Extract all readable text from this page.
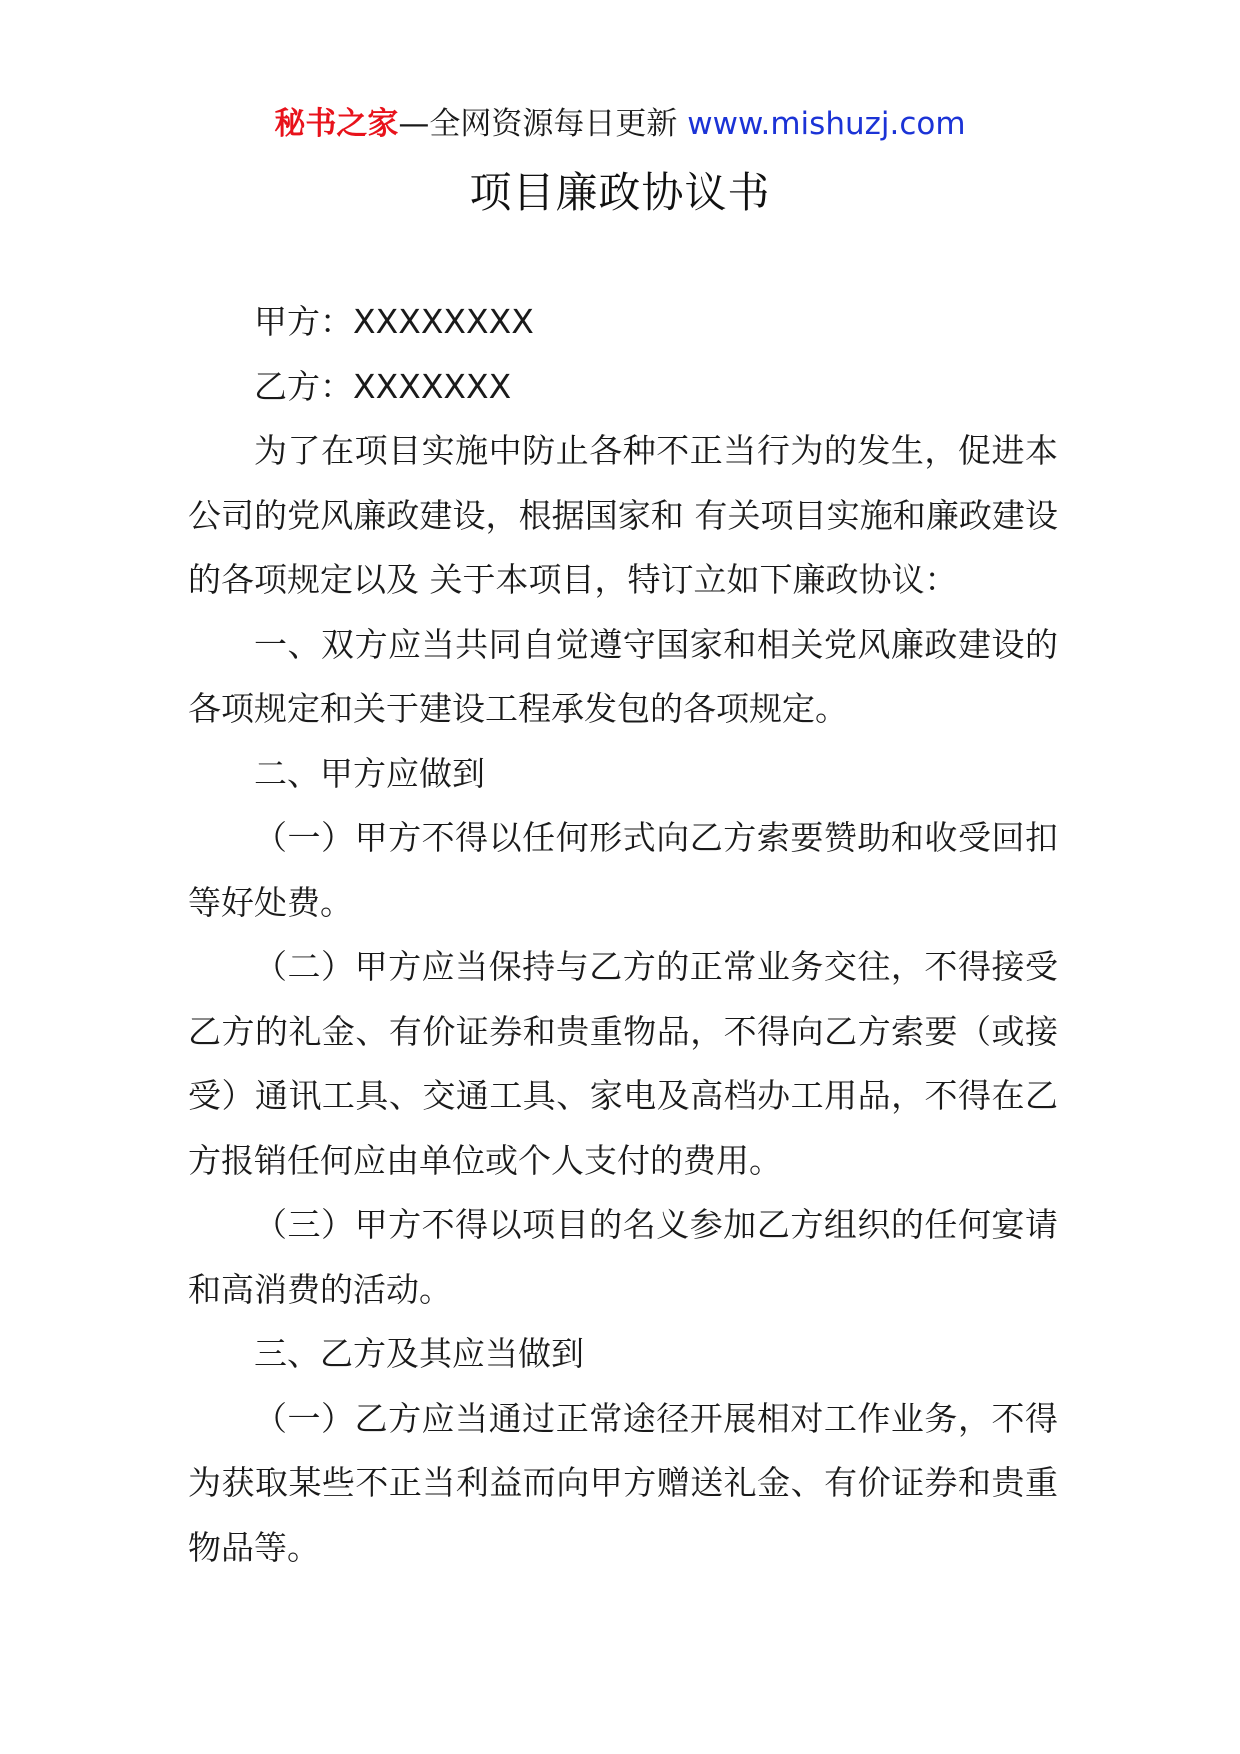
秘书之家—全网资源每日更新 www.mishuzj.com
项目廉政协议书

甲方：XXXXXXXX

乙方：XXXXXXX

为了在项目实施中防止各种不正当行为的发生，促进本公司的党风廉政建设，根据国家和 有关项目实施和廉政建设的各项规定以及 关于本项目，特订立如下廉政协议：

一、双方应当共同自觉遵守国家和相关党风廉政建设的各项规定和关于建设工程承发包的各项规定。

二、甲方应做到

（一）甲方不得以任何形式向乙方索要赞助和收受回扣等好处费。

（二）甲方应当保持与乙方的正常业务交往，不得接受乙方的礼金、有价证券和贵重物品，不得向乙方索要（或接受）通讯工具、交通工具、家电及高档办工用品，不得在乙方报销任何应由单位或个人支付的费用。

（三）甲方不得以项目的名义参加乙方组织的任何宴请和高消费的活动。

三、乙方及其应当做到

（一）乙方应当通过正常途径开展相对工作业务，不得为获取某些不正当利益而向甲方赠送礼金、有价证券和贵重物品等。
